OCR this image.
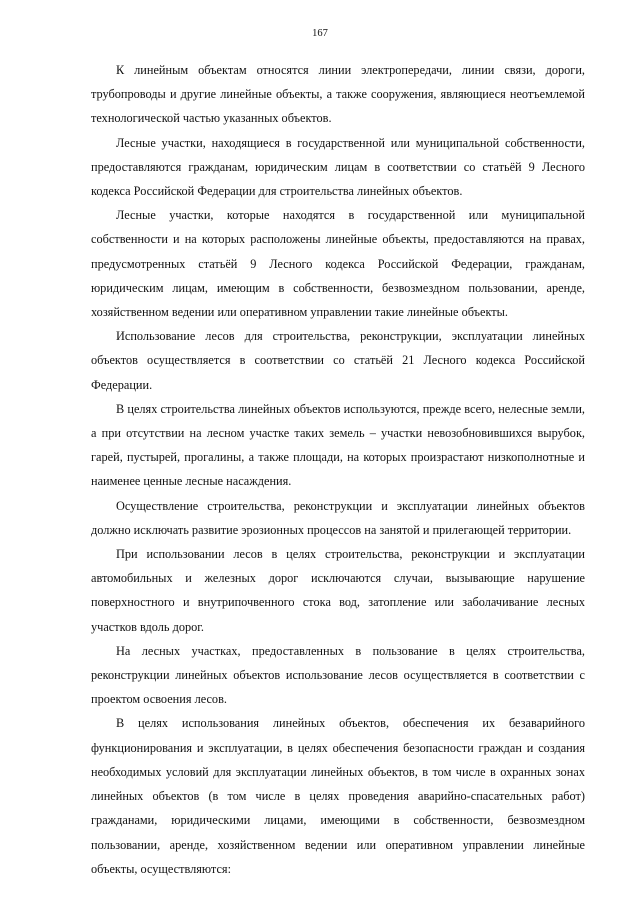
167

К линейным объектам относятся линии электропередачи, линии связи, дороги, трубопроводы и другие линейные объекты, а также сооружения, являющиеся неотъемлемой технологической частью указанных объектов.

Лесные участки, находящиеся в государственной или муниципальной собственности, предоставляются гражданам, юридическим лицам в соответствии со статьёй 9 Лесного кодекса Российской Федерации для строительства линейных объектов.

Лесные участки, которые находятся в государственной или муниципальной собственности и на которых расположены линейные объекты, предоставляются на правах, предусмотренных статьёй 9 Лесного кодекса Российской Федерации, гражданам, юридическим лицам, имеющим в собственности, безвозмездном пользовании, аренде, хозяйственном ведении или оперативном управлении такие линейные объекты.

Использование лесов для строительства, реконструкции, эксплуатации линейных объектов осуществляется в соответствии со статьёй 21 Лесного кодекса Российской Федерации.

В целях строительства линейных объектов используются, прежде всего, нелесные земли, а при отсутствии на лесном участке таких земель – участки невозобновившихся вырубок, гарей, пустырей, прогалины, а также площади, на которых произрастают низкополнотные и наименее ценные лесные насаждения.

Осуществление строительства, реконструкции и эксплуатации линейных объектов должно исключать развитие эрозионных процессов на занятой и прилегающей территории.

При использовании лесов в целях строительства, реконструкции и эксплуатации автомобильных и железных дорог исключаются случаи, вызывающие нарушение поверхностного и внутрипочвенного стока вод, затопление или заболачивание лесных участков вдоль дорог.

На лесных участках, предоставленных в пользование в целях строительства, реконструкции линейных объектов использование лесов осуществляется в соответствии с проектом освоения лесов.

В целях использования линейных объектов, обеспечения их безаварийного функционирования и эксплуатации, в целях обеспечения безопасности граждан и создания необходимых условий для эксплуатации линейных объектов, в том числе в охранных зонах линейных объектов (в том числе в целях проведения аварийно-спасательных работ) гражданами, юридическими лицами, имеющими в собственности, безвозмездном пользовании, аренде, хозяйственном ведении или оперативном управлении линейные объекты, осуществляются:
